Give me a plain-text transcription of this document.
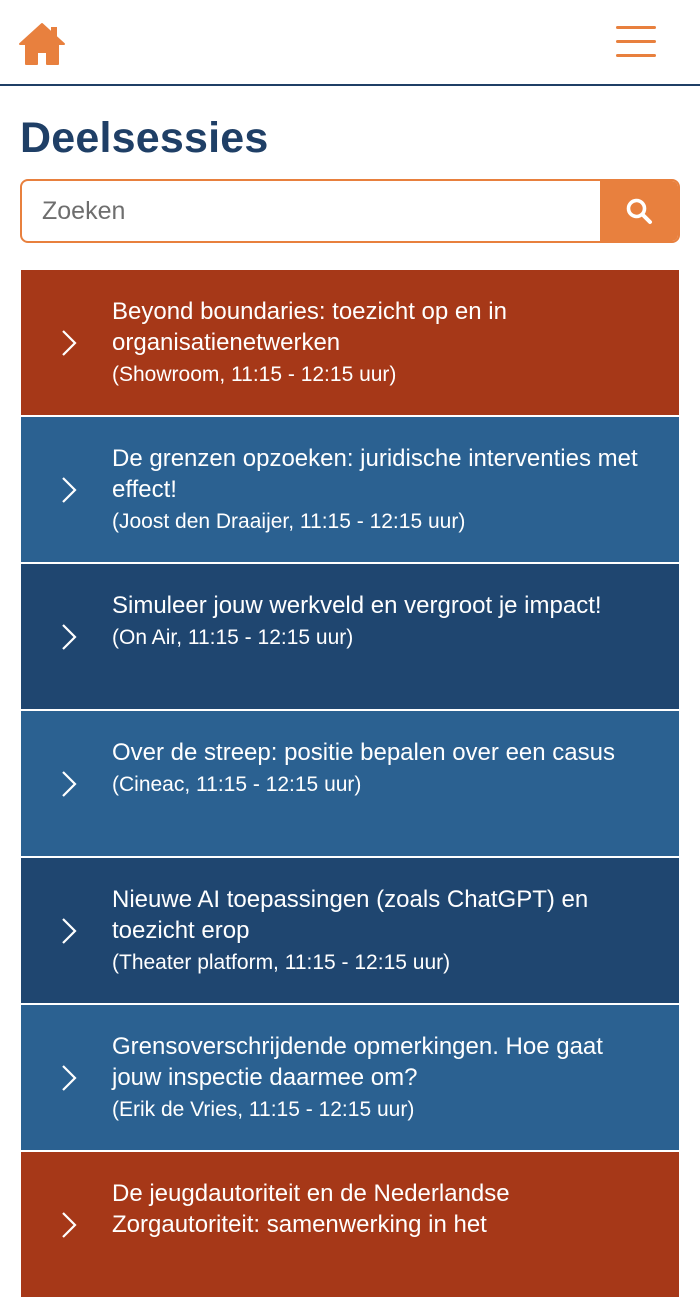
Deelsessies
Zoeken
Beyond boundaries: toezicht op en in organisatienetwerken
(Showroom, 11:15 - 12:15 uur)
De grenzen opzoeken: juridische interventies met effect!
(Joost den Draaijer, 11:15 - 12:15 uur)
Simuleer jouw werkveld en vergroot je impact!
(On Air, 11:15 - 12:15 uur)
Over de streep: positie bepalen over een casus
(Cineac, 11:15 - 12:15 uur)
Nieuwe AI toepassingen (zoals ChatGPT) en toezicht erop
(Theater platform, 11:15 - 12:15 uur)
Grensoverschrijdende opmerkingen. Hoe gaat jouw inspectie daarmee om?
(Erik de Vries, 11:15 - 12:15 uur)
De jeugdautoriteit en de Nederlandse Zorgautoriteit: samenwerking in het
